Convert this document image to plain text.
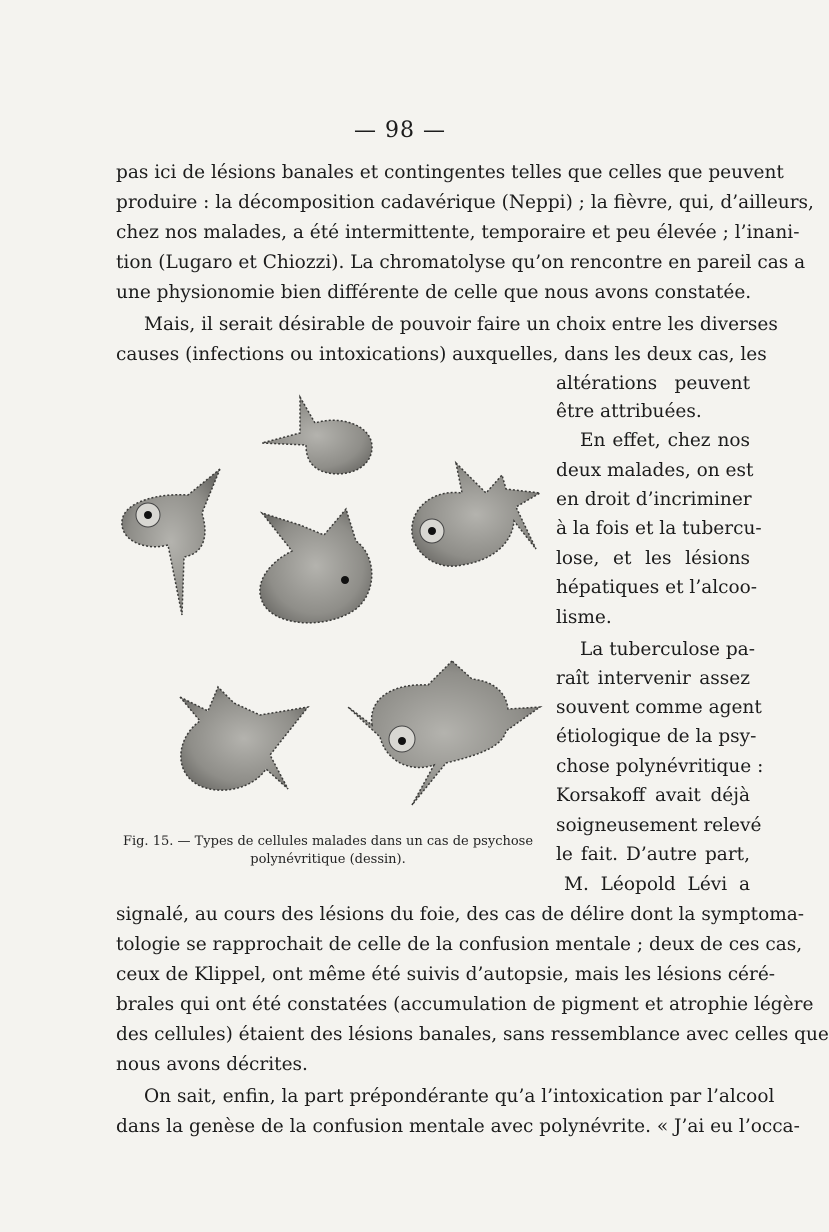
— 98 —
pas ici de lésions banales et contingentes telles que celles que peuvent
produire : la décomposition cadavérique (Neppi) ; la fièvre, qui, d’ailleurs,
chez nos malades, a été intermittente, temporaire et peu élevée ; l’inani-
tion (Lugaro et Chiozzi). La chromatolyse qu’on rencontre en pareil cas a
une physionomie bien différente de celle que nous avons constatée.
Mais, il serait désirable de pouvoir faire un choix entre les diverses
causes (infections ou intoxications) auxquelles, dans les deux cas, les
altérations peuvent
être attribuées.
En effet, chez nos
deux malades, on est
en droit d’incriminer
à la fois et la tubercu-
lose, et les lésions
hépatiques et l’alcoo-
lisme.
La tuberculose pa-
raît intervenir assez
souvent comme agent
étiologique de la psy-
chose polynévritique :
Korsakoff avait déjà
soigneusement relevé
le fait. D’autre part,
M. Léopold Lévi a
Fig. 15. — Types de cellules malades dans un cas de psychose
polynévritique (dessin).
signalé, au cours des lésions du foie, des cas de délire dont la symptoma-
tologie se rapprochait de celle de la confusion mentale ; deux de ces cas,
ceux de Klippel, ont même été suivis d’autopsie, mais les lésions céré-
brales qui ont été constatées (accumulation de pigment et atrophie légère
des cellules) étaient des lésions banales, sans ressemblance avec celles que
nous avons décrites.
On sait, enfin, la part prépondérante qu’a l’intoxication par l’alcool
dans la genèse de la confusion mentale avec polynévrite. « J’ai eu l’occa-
